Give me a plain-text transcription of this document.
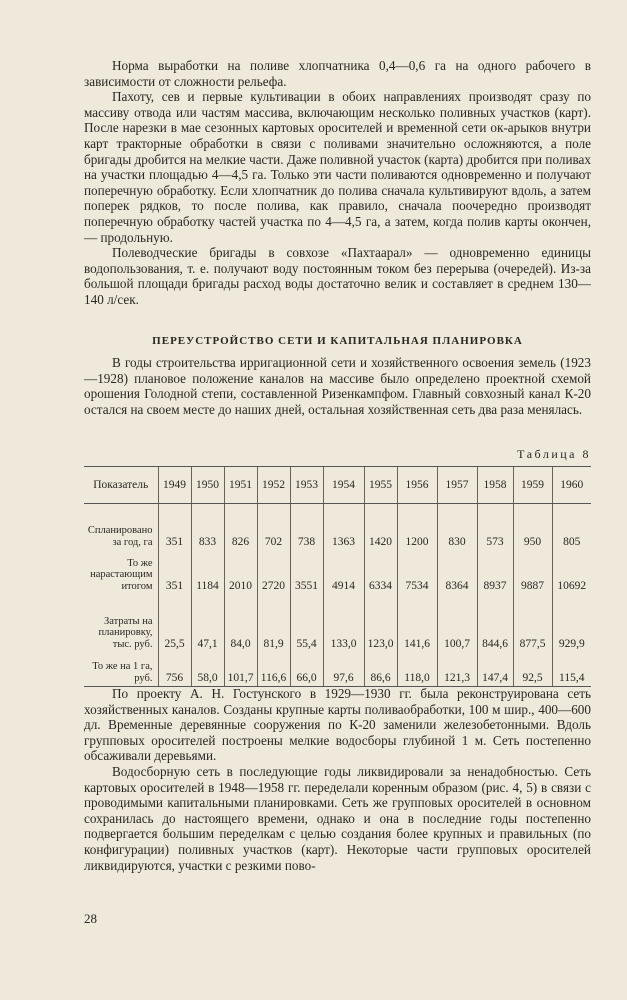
Норма выработки на поливе хлопчатника 0,4—0,6 га на одного рабочего в зависимости от сложности рельефа.

Пахоту, сев и первые культивации в обоих направлениях производят сразу по массиву отвода или частям массива, включающим несколько поливных участков (карт). После нарезки в мае сезонных картовых оросителей и временной сети ок-арыков внутри карт тракторные обработки в связи с поливами значительно осложняются, а поле бригады дробится на мелкие части. Даже поливной участок (карта) дробится при поливах на участки площадью 4—4,5 га. Только эти части поливаются одновременно и получают поперечную обработку. Если хлопчатник до полива сначала культивируют вдоль, а затем поперек рядков, то после полива, как правило, сначала поочередно производят поперечную обработку частей участка по 4—4,5 га, а затем, когда полив карты окончен, — продольную.

Полеводческие бригады в совхозе «Пахтаарал» — одновременно единицы водопользования, т. е. получают воду постоянным током без перерыва (очередей). Из-за большой площади бригады расход воды достаточно велик и составляет в среднем 130—140 л/сек.

ПЕРЕУСТРОЙСТВО СЕТИ И КАПИТАЛЬНАЯ ПЛАНИРОВКА

В годы строительства ирригационной сети и хозяйственного освоения земель (1923—1928) плановое положение каналов на массиве было определено проектной схемой орошения Голодной степи, составленной Ризенкампфом. Главный совхозный канал К-20 остался на своем месте до наших дней, остальная хозяйственная сеть два раза менялась.

Таблица 8
Показатель	1949	1950	1951	1952	1953	1954	1955	1956	1957	1958	1959	1960
Спланировано за год, га	351	833	826	702	738	1363	1420	1200	830	573	950	805
То же нарастающим итогом	351	1184	2010	2720	3551	4914	6334	7534	8364	8937	9887	10692
Затраты на планировку, тыс. руб.	25,5	47,1	84,0	81,9	55,4	133,0	123,0	141,6	100,7	844,6	877,5	929,9
То же на 1 га, руб.	756	58,0	101,7	116,6	66,0	97,6	86,6	118,0	121,3	147,4	92,5	115,4

По проекту А. Н. Гостунского в 1929—1930 гг. была реконструирована сеть хозяйственных каналов. Созданы крупные карты поливаобработки, 100 м шир., 400—600 дл. Временные деревянные сооружения по К-20 заменили железобетонными. Вдоль групповых оросителей построены мелкие водосборы глубиной 1 м. Сеть постепенно обсаживали деревьями.

Водосборную сеть в последующие годы ликвидировали за ненадобностью. Сеть картовых оросителей в 1948—1958 гг. переделали коренным образом (рис. 4, 5) в связи с проводимыми капитальными планировками. Сеть же групповых оросителей в основном сохранилась до настоящего времени, однако и она в последние годы постепенно подвергается большим переделкам с целью создания более крупных и правильных (по конфигурации) поливных участков (карт). Некоторые части групповых оросителей ликвидируются, участки с резкими пово-

28
